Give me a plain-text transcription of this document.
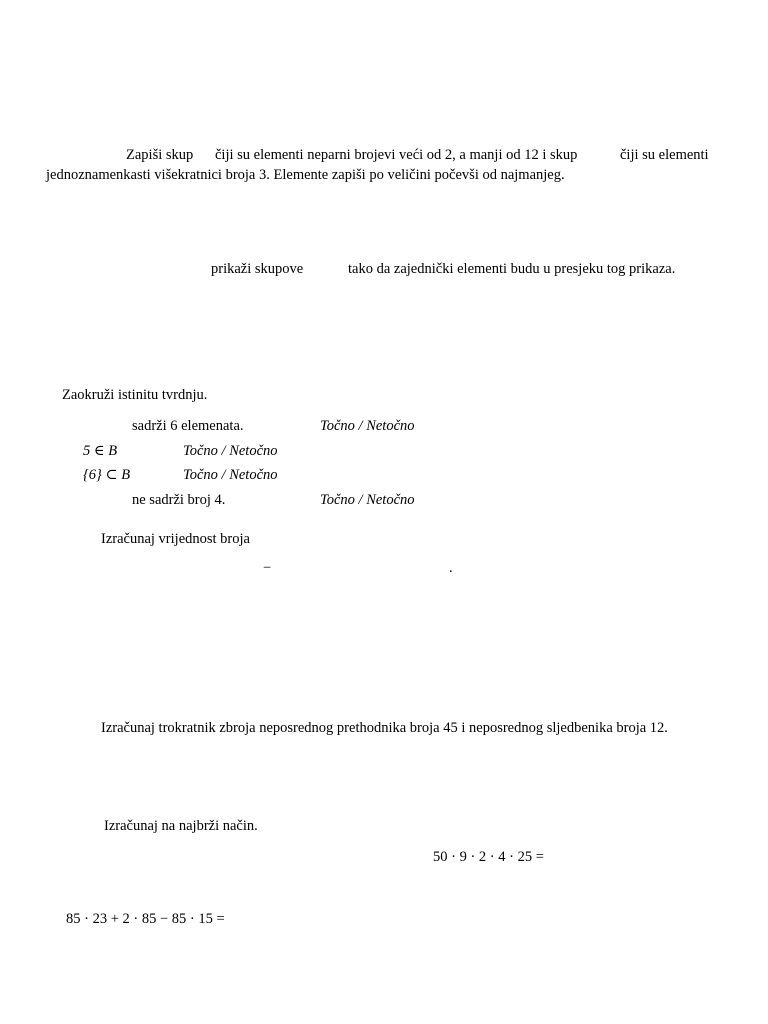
Zapiši skup čiji su elementi neparni brojevi veći od 2, a manji od 12 i skup	čiji su elementi
jednoznamenkasti višekratnici broja 3. Elemente zapiši po veličini počevši od najmanjeg.
prikaži skupove	tako da zajednički elementi budu u presjeku tog prikaza.
Zaokruži istinitu tvrdnju.
sadrži 6 elemenata.	Točno / Netočno
5 ∈ B	Točno / Netočno
{6} ⊂ B	Točno / Netočno
ne sadrži broj 4.	Točno / Netočno
Izračunaj vrijednost broja
−	.
Izračunaj trokratnik zbroja neposrednog prethodnika broja 45 i neposrednog sljedbenika broja 12.
Izračunaj na najbrži način.
50 · 9 · 2 · 4 · 25 =
85 · 23 + 2 · 85 − 85 · 15 =
